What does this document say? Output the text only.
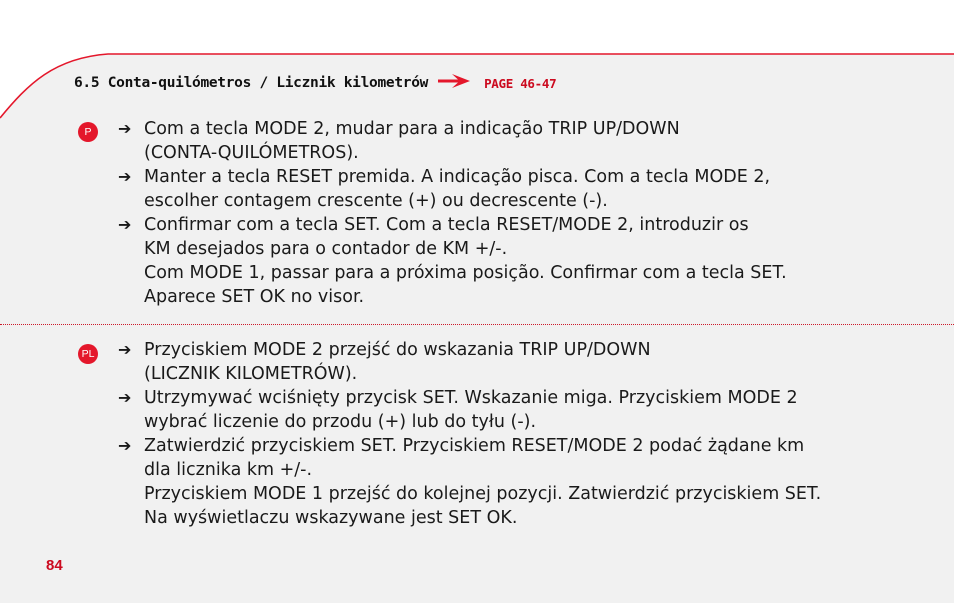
6.5 Conta-quilómetros / Licznik kilometrów	PAGE 46-47
P	➔ Com a tecla MODE 2, mudar para a indicação TRIP UP/DOWN
(CONTA-QUILÓMETROS).
➔ Manter a tecla RESET premida. A indicação pisca. Com a tecla MODE 2,
escolher contagem crescente (+) ou decrescente (-).
➔ Confirmar com a tecla SET. Com a tecla RESET/MODE 2, introduzir os
KM desejados para o contador de KM +/-.
Com MODE 1, passar para a próxima posição. Confirmar com a tecla SET.
Aparece SET OK no visor.
PL ➔ Przyciskiem MODE 2 przejść do wskazania TRIP UP/DOWN
(LICZNIK KILOMETRÓW).
➔ Utrzymywać wciśnięty przycisk SET. Wskazanie miga. Przyciskiem MODE 2
wybrać liczenie do przodu (+) lub do tyłu (-).
➔ Zatwierdzić przyciskiem SET. Przyciskiem RESET/MODE 2 podać żądane km
dla licznika km +/-.
Przyciskiem MODE 1 przejść do kolejnej pozycji. Zatwierdzić przyciskiem SET.
Na wyświetlaczu wskazywane jest SET OK.
84
